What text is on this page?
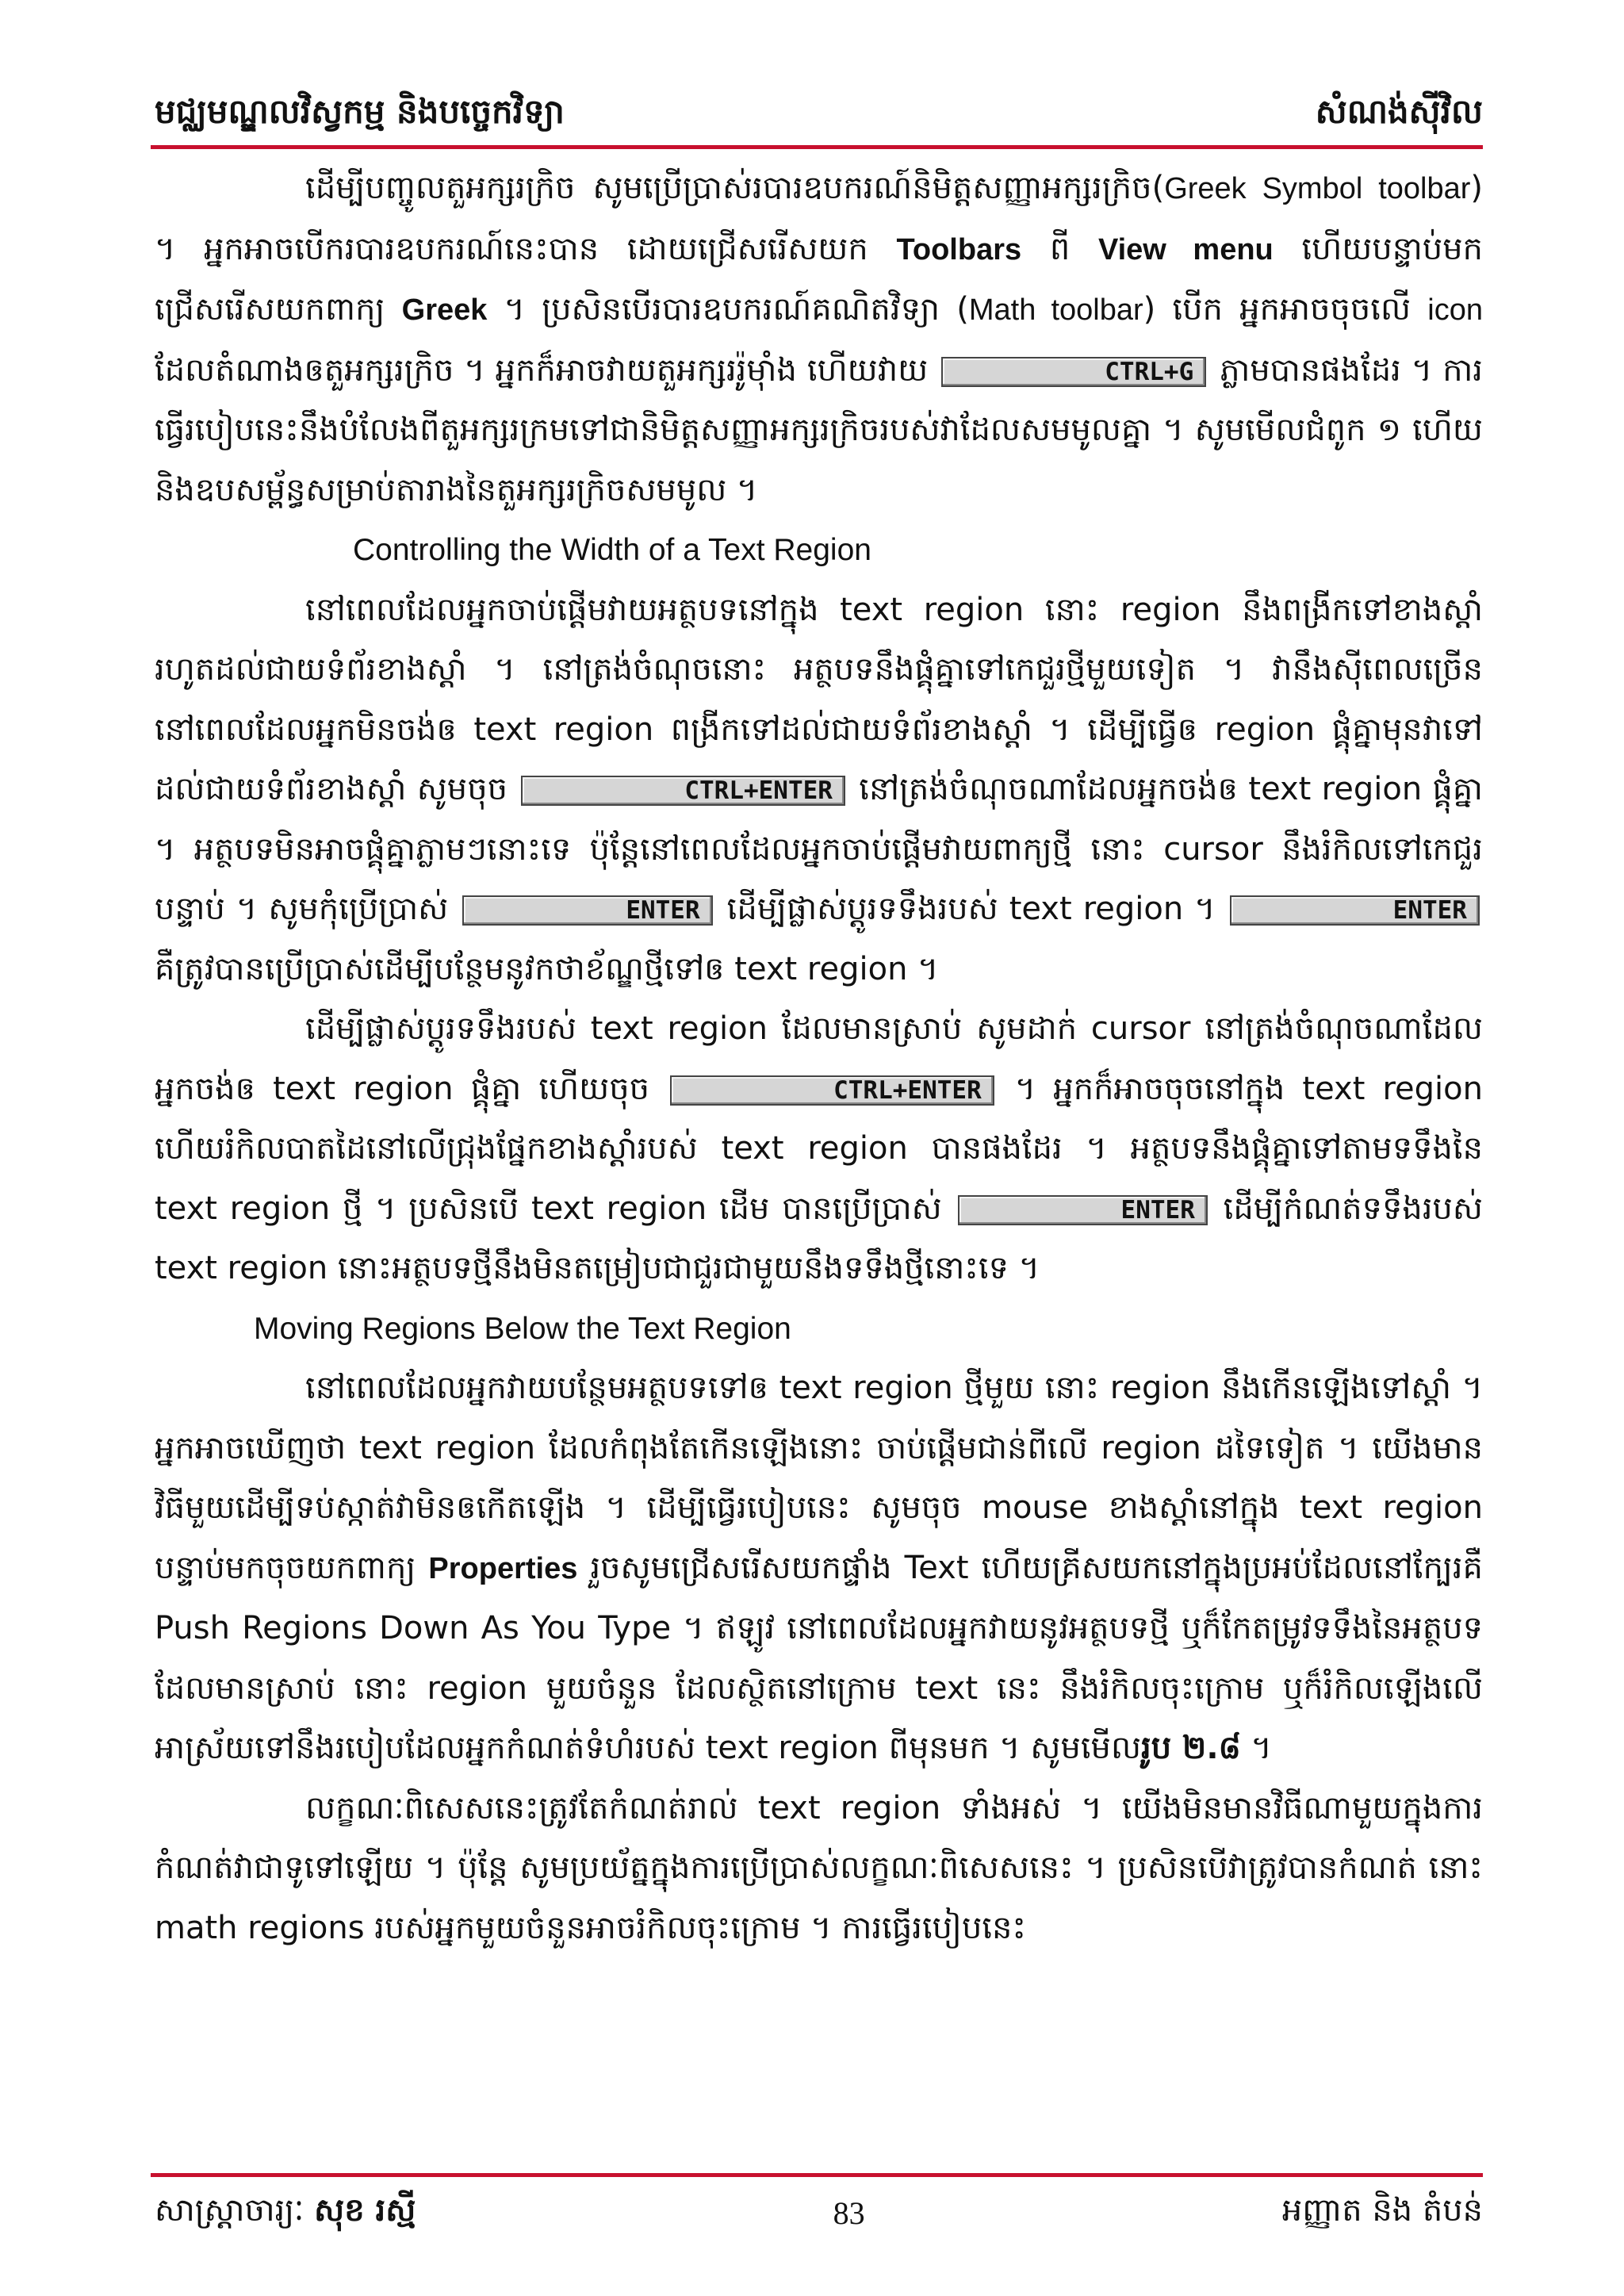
មជ្ឈមណ្ឌលវិស្វកម្ម និងបច្ចេកវិទ្យា	សំណង់ស៊ីវិល

ដើម្បីបញ្ចូលតួអក្សរក្រិច សូមប្រើប្រាស់របារឧបករណ៍និមិត្តសញ្ញាអក្សរក្រិច(Greek Symbol toolbar) ។ អ្នកអាចបើករបារឧបករណ៍នេះបាន ដោយជ្រើសរើសយក Toolbars ពី View menu ហើយបន្ទាប់មកជ្រើសរើសយកពាក្យ Greek ។ ប្រសិនបើរបារឧបករណ៍គណិតវិទ្យា (Math toolbar) បើក អ្នកអាចចុចលើ icon ដែលតំណាងឲតួអក្សរក្រិច ។ អ្នកក៏អាចវាយតួអក្សររ៉ូម៉ាំង ហើយវាយ	CTRL+G ភ្លាមបានផងដែរ ។ ការធ្វើរបៀបនេះនឹងបំលែងពីតួអក្សរក្រមទៅជានិមិត្តសញ្ញាអក្សរក្រិចរបស់វាដែលសមមូលគ្នា ។ សូមមើលជំពូក ១ ហើយនិងឧបសម្ព័ន្ធសម្រាប់តារាងនៃតួអក្សរក្រិចសមមូល ។

Controlling the Width of a Text Region

នៅពេលដែលអ្នកចាប់ផ្តើមវាយអត្ថបទនៅក្នុង text region នោះ region នឹងពង្រីកទៅខាងស្តាំរហូតដល់ជាយទំព័រខាងស្តាំ ។ នៅត្រង់ចំណុចនោះ អត្ថបទនឹងផ្គុំគ្នាទៅកេជួរថ្មីមួយទៀត ។ វានឹងស៊ីពេលច្រើន នៅពេលដែលអ្នកមិនចង់ឲ text region ពង្រីកទៅដល់ជាយទំព័រខាងស្តាំ ។ ដើម្បីធ្វើឲ region ផ្គុំគ្នាមុនវាទៅដល់ជាយទំព័រខាងស្តាំ សូមចុច	CTRL+ENTER នៅត្រង់ចំណុចណាដែលអ្នកចង់ឲ text region ផ្គុំគ្នា ។ អត្ថបទមិនអាចផ្គុំគ្នាភ្លាមៗនោះទេ ប៉ុន្តែនៅពេលដែលអ្នកចាប់ផ្តើមវាយពាក្យថ្មី នោះ cursor នឹងរំកិលទៅកេជួរបន្ទាប់ ។ សូមកុំប្រើប្រាស់	ENTER ដើម្បីផ្លាស់ប្តូរទទឹងរបស់ text region ។	ENTER គឺត្រូវបានប្រើប្រាស់ដើម្បីបន្ថែមនូវកថាខ័ណ្ឌថ្មីទៅឲ text region ។

ដើម្បីផ្លាស់ប្តូរទទឹងរបស់ text region ដែលមានស្រាប់ សូមដាក់ cursor នៅត្រង់ចំណុចណាដែលអ្នកចង់ឲ text region ផ្គុំគ្នា ហើយចុច	CTRL+ENTER ។ អ្នកក៏អាចចុចនៅក្នុង text region ហើយរំកិលបាតដៃនៅលើជ្រុងផ្នែកខាងស្តាំរបស់ text region បានផងដែរ ។ អត្ថបទនឹងផ្គុំគ្នាទៅតាមទទឹងនៃ text region ថ្មី ។ ប្រសិនបើ text region ដើម បានប្រើប្រាស់	ENTER ដើម្បីកំណត់ទទឹងរបស់ text region នោះអត្ថបទថ្មីនឹងមិនតម្រៀបជាជួរជាមួយនឹងទទឹងថ្មីនោះទេ ។

Moving Regions Below the Text Region

នៅពេលដែលអ្នកវាយបន្ថែមអត្ថបទទៅឲ text region ថ្មីមួយ នោះ region នឹងកើនឡើងទៅស្តាំ ។ អ្នកអាចឃើញថា text region ដែលកំពុងតែកើនឡើងនោះ ចាប់ផ្តើមជាន់ពីលើ region ដទៃទៀត ។ យើងមានវិធីមួយដើម្បីទប់ស្កាត់វាមិនឲកើតឡើង ។ ដើម្បីធ្វើរបៀបនេះ សូមចុច mouse ខាងស្តាំនៅក្នុង text region បន្ទាប់មកចុចយកពាក្យ Properties រួចសូមជ្រើសរើសយកផ្ទាំង Text ហើយគ្រីសយកនៅក្នុងប្រអប់ដែលនៅក្បែរគឺ Push Regions Down As You Type ។ ឥឡូវ នៅពេលដែលអ្នកវាយនូវអត្ថបទថ្មី ឬក៏កែតម្រូវទទឹងនៃអត្ថបទដែលមានស្រាប់ នោះ region មួយចំនួន ដែលស្ថិតនៅក្រោម text នេះ នឹងរំកិលចុះក្រោម ឬក៏រំកិលឡើងលើ អាស្រ័យទៅនឹងរបៀបដែលអ្នកកំណត់ទំហំរបស់ text region ពីមុនមក ។ សូមមើលរូប ២.៨ ។

លក្ខណៈពិសេសនេះត្រូវតែកំណត់រាល់ text region ទាំងអស់ ។ យើងមិនមានវិធីណាមួយក្នុងការកំណត់វាជាទូទៅឡើយ ។ ប៉ុន្តែ សូមប្រយ័ត្នក្នុងការប្រើប្រាស់លក្ខណៈពិសេសនេះ ។ ប្រសិនបើវាត្រូវបានកំណត់ នោះ math regions របស់អ្នកមួយចំនួនអាចរំកិលចុះក្រោម ។ ការធ្វើរបៀបនេះ

សាស្ត្រាចារ្យៈ សុខ រស្មី	83	អញ្ញាត និង តំបន់
